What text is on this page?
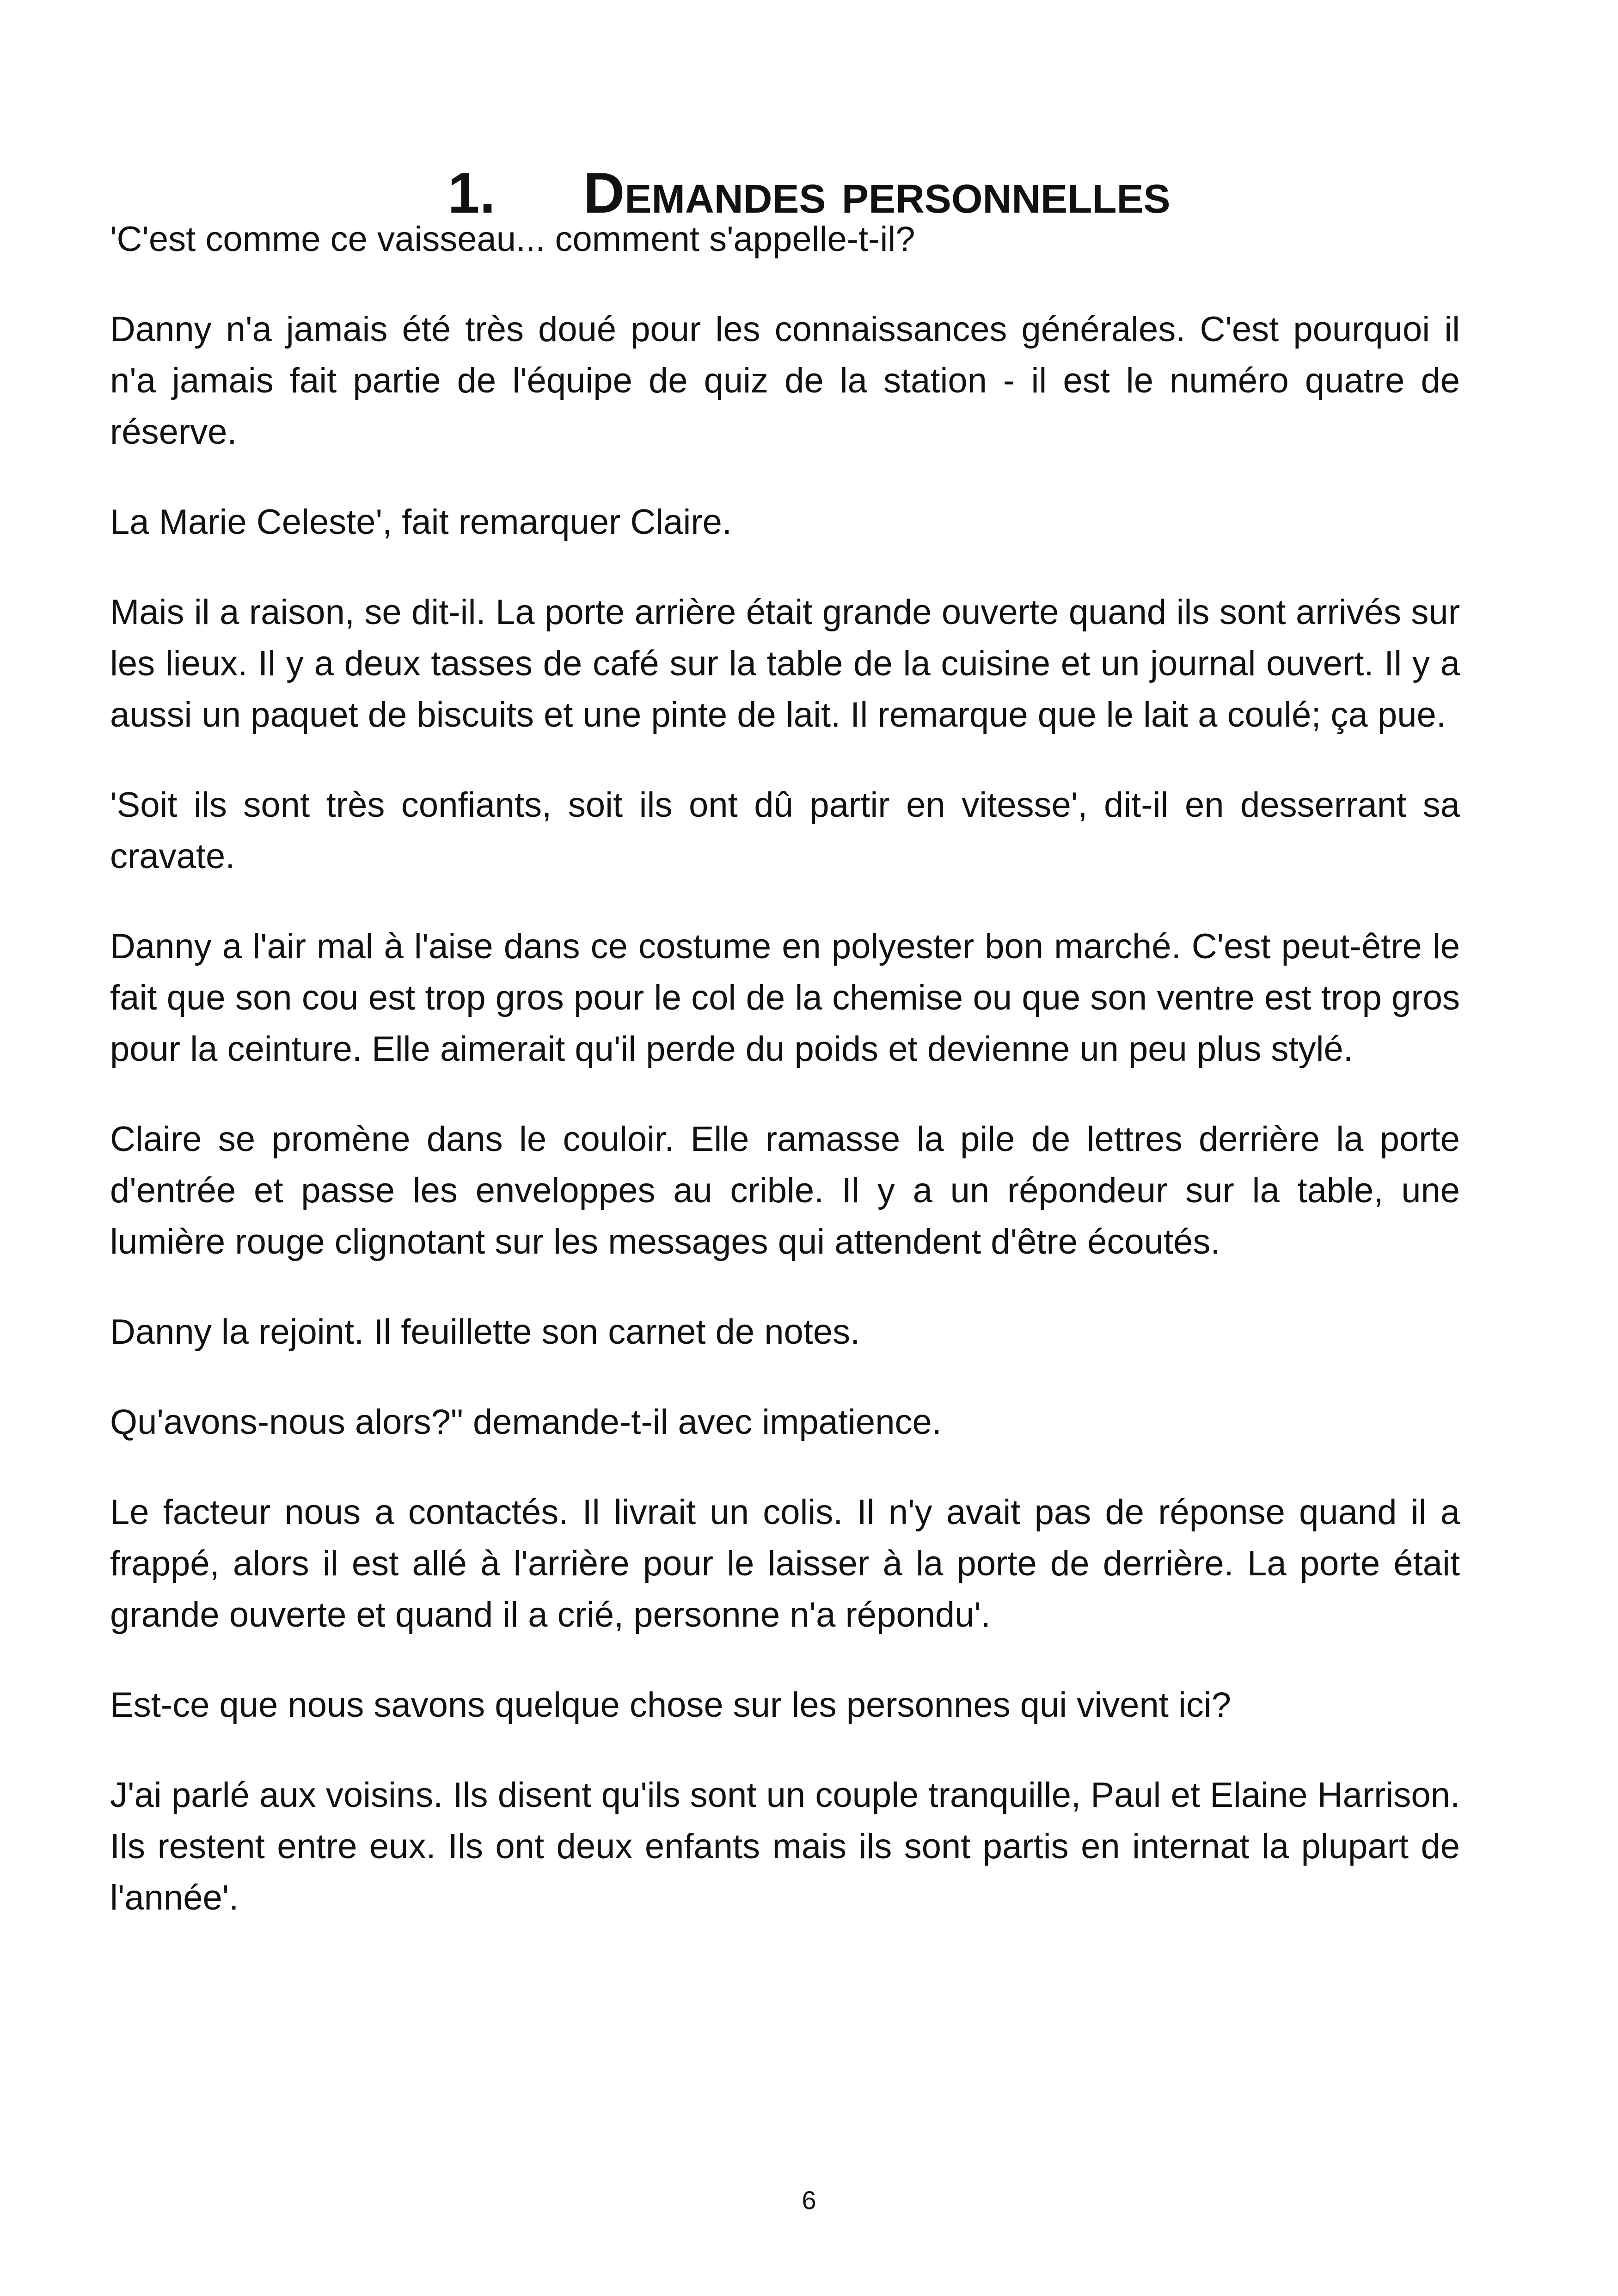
1. Demandes personnelles

'C'est comme ce vaisseau... comment s'appelle-t-il?

Danny n'a jamais été très doué pour les connaissances générales. C'est pourquoi il n'a jamais fait partie de l'équipe de quiz de la station - il est le numéro quatre de réserve.

La Marie Celeste', fait remarquer Claire.

Mais il a raison, se dit-il. La porte arrière était grande ouverte quand ils sont arrivés sur les lieux. Il y a deux tasses de café sur la table de la cuisine et un journal ouvert. Il y a aussi un paquet de biscuits et une pinte de lait. Il remarque que le lait a coulé; ça pue.

'Soit ils sont très confiants, soit ils ont dû partir en vitesse', dit-il en desserrant sa cravate.

Danny a l'air mal à l'aise dans ce costume en polyester bon marché. C'est peut-être le fait que son cou est trop gros pour le col de la chemise ou que son ventre est trop gros pour la ceinture. Elle aimerait qu'il perde du poids et devienne un peu plus stylé.

Claire se promène dans le couloir. Elle ramasse la pile de lettres derrière la porte d'entrée et passe les enveloppes au crible. Il y a un répondeur sur la table, une lumière rouge clignotant sur les messages qui attendent d'être écoutés.

Danny la rejoint. Il feuillette son carnet de notes.

Qu'avons-nous alors?" demande-t-il avec impatience.

Le facteur nous a contactés. Il livrait un colis. Il n'y avait pas de réponse quand il a frappé, alors il est allé à l'arrière pour le laisser à la porte de derrière. La porte était grande ouverte et quand il a crié, personne n'a répondu'.

Est-ce que nous savons quelque chose sur les personnes qui vivent ici?

J'ai parlé aux voisins. Ils disent qu'ils sont un couple tranquille, Paul et Elaine Harrison. Ils restent entre eux. Ils ont deux enfants mais ils sont partis en internat la plupart de l'année'.

6
